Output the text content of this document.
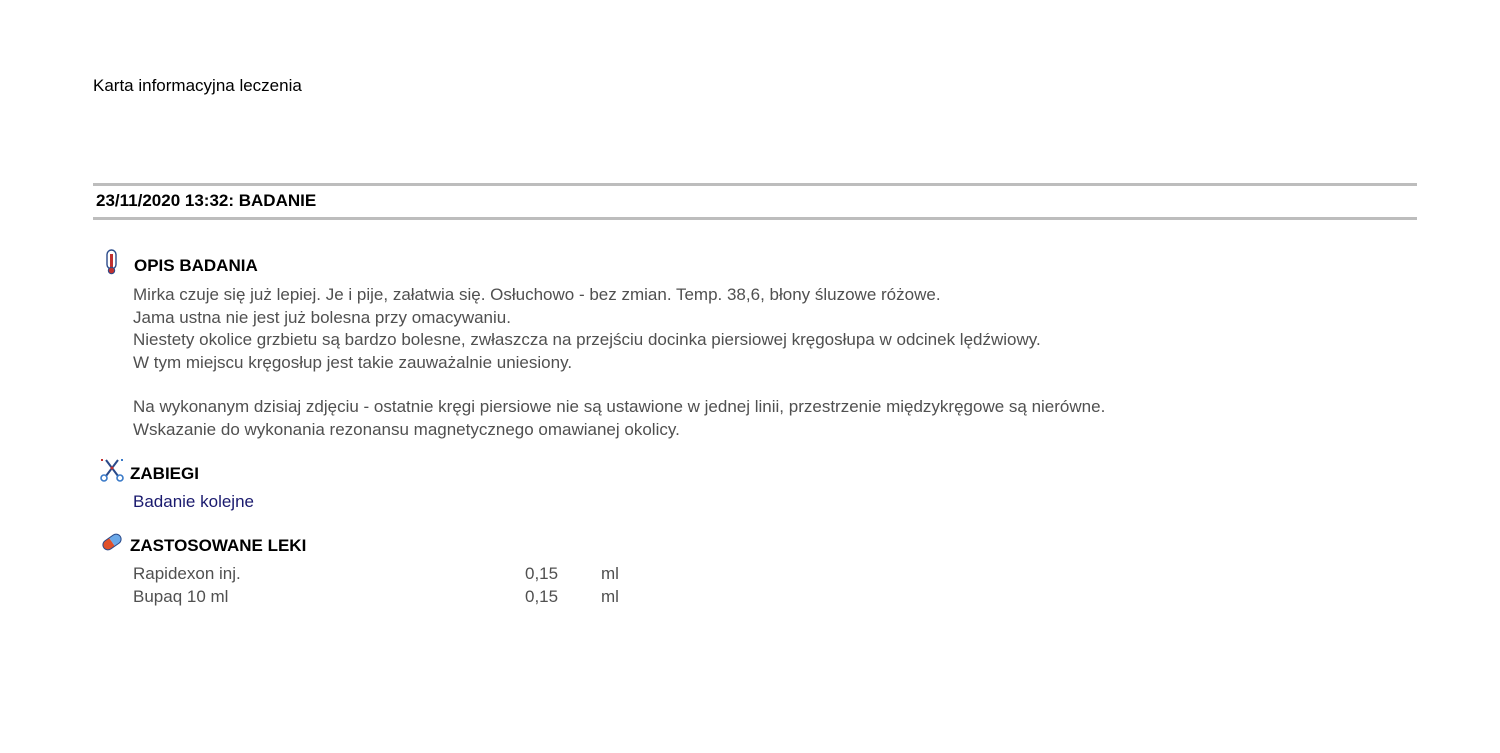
Karta informacyjna leczenia
23/11/2020 13:32: BADANIE
OPIS BADANIA
Mirka czuje się już lepiej. Je i pije, załatwia się. Osłuchowo - bez zmian. Temp. 38,6, błony śluzowe różowe.
Jama ustna nie jest już bolesna przy omacywaniu.
Niestety okolice grzbietu są bardzo bolesne, zwłaszcza na przejściu docinka piersiowej kręgosłupa w odcinek lędźwiowy.
W tym miejscu kręgosłup jest takie zauważalnie uniesiony.
Na wykonanym dzisiaj zdjęciu - ostatnie kręgi piersiowe nie są ustawione w jednej linii, przestrzenie międzykręgowe są nierówne.
Wskazanie do wykonania rezonansu magnetycznego omawianej okolicy.
ZABIEGI
Badanie kolejne
ZASTOSOWANE LEKI
Rapidexon inj.	0,15	ml
Bupaq 10 ml	0,15	ml
